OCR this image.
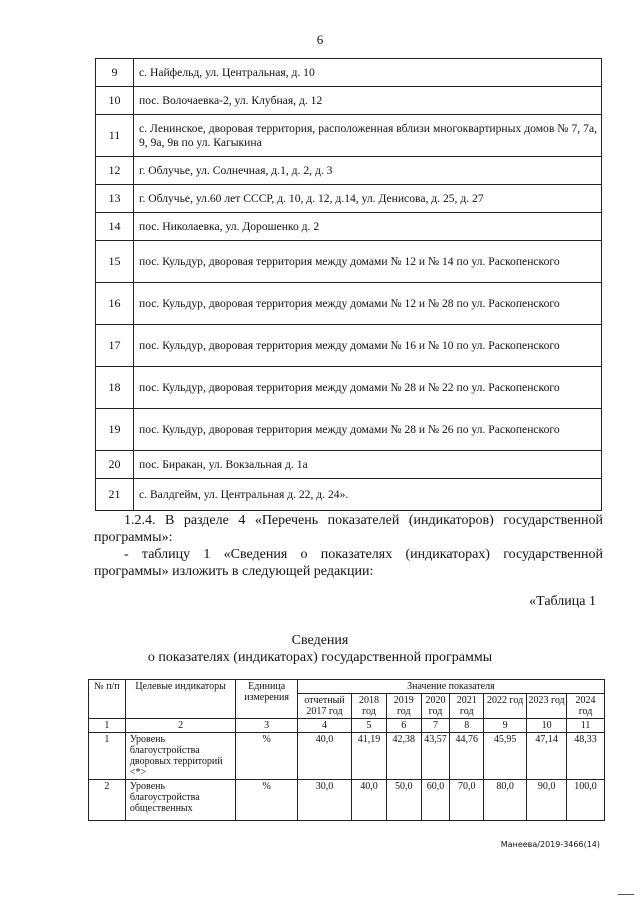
6
9	с. Найфельд, ул. Центральная, д. 10
10	пос. Волочаевка-2, ул. Клубная, д. 12
11	с. Ленинское, дворовая территория, расположенная вблизи многоквартирных домов № 7, 7а, 9, 9а, 9в по ул. Кагыкина
12	г. Облучье, ул. Солнечная, д.1, д. 2, д. 3
13	г. Облучье, ул.60 лет СССР, д. 10, д. 12, д.14, ул. Денисова, д. 25, д. 27
14	пос. Николаевка, ул. Дорошенко д. 2
15	пос. Кульдур, дворовая территория между домами № 12 и № 14 по ул. Раскопенского
16	пос. Кульдур, дворовая территория между домами № 12 и № 28 по ул. Раскопенского
17	пос. Кульдур, дворовая территория между домами № 16 и № 10 по ул. Раскопенского
18	пос. Кульдур, дворовая территория между домами № 28 и № 22 по ул. Раскопенского
19	пос. Кульдур, дворовая территория между домами № 28 и № 26 по ул. Раскопенского
20	пос. Биракан, ул. Вокзальная д. 1а
21	с. Валдгейм, ул. Центральная д. 22, д. 24».
1.2.4. В разделе 4 «Перечень показателей (индикаторов) государственной программы»:
- таблицу 1 «Сведения о показателях (индикаторах) государственной программы» изложить в следующей редакции:
«Таблица 1
Сведения
о показателях (индикаторах) государственной программы
№ п/п	Целевые индикаторы	Единица измерения	Значение показателя							
			отчетный 2017 год	2018 год	2019 год	2020 год	2021 год	2022 год	2023 год	2024 год
1	2	3	4	5	6	7	8	9	10	11

1	Уровень благоустройства дворовых территорий <*>	%	40,0	41,19	42,38	43,57	44,76	45,95	47,14	48,33

2	Уровень благоустройства общественных	%	30,0	40,0	50,0	60,0	70,0	80,0	90,0	100,0
Манеева/2019-3466(14)
